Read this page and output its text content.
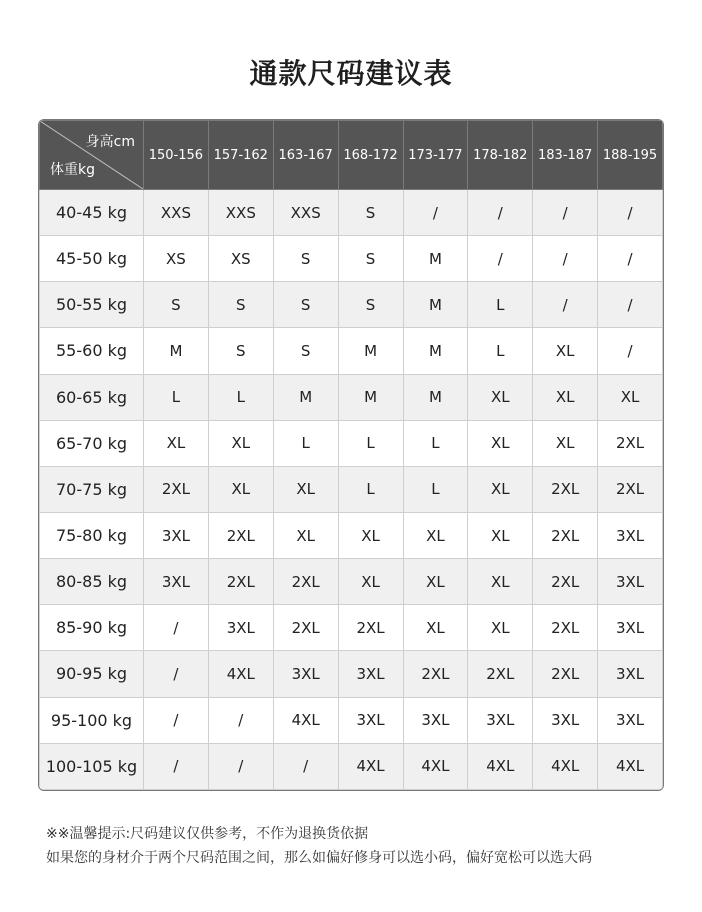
通款尺码建议表
身高cm
体重kg	150-156	157-162	163-167	168-172	173-177	178-182	183-187	188-195
40-45 kg	XXS	XXS	XXS	S	/	/	/	/
45-50 kg	XS	XS	S	S	M	/	/	/
50-55 kg	S	S	S	S	M	L	/	/
55-60 kg	M	S	S	M	M	L	XL	/
60-65 kg	L	L	M	M	M	XL	XL	XL
65-70 kg	XL	XL	L	L	L	XL	XL	2XL
70-75 kg	2XL	XL	XL	L	L	XL	2XL	2XL
75-80 kg	3XL	2XL	XL	XL	XL	XL	2XL	3XL
80-85 kg	3XL	2XL	2XL	XL	XL	XL	2XL	3XL
85-90 kg	/	3XL	2XL	2XL	XL	XL	2XL	3XL
90-95 kg	/	4XL	3XL	3XL	2XL	2XL	2XL	3XL
95-100 kg	/	/	4XL	3XL	3XL	3XL	3XL	3XL
100-105 kg	/	/	/	4XL	4XL	4XL	4XL	4XL
※※温馨提示:尺码建议仅供参考，不作为退换货依据
如果您的身材介于两个尺码范围之间，那么如偏好修身可以选小码，偏好宽松可以选大码
